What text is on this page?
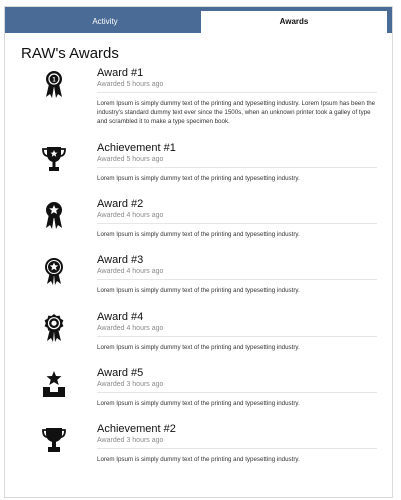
Activity	Awards
RAW's Awards
1
Award #1
Awarded 5 hours ago
Lorem Ipsum is simply dummy text of the printing and typesetting industry. Lorem Ipsum has been the industry's standard dummy text ever since the 1500s, when an unknown printer took a galley of type and scrambled it to make a type specimen book.
Achievement #1
Awarded 5 hours ago
Lorem Ipsum is simply dummy text of the printing and typesetting industry.
Award #2
Awarded 4 hours ago
Lorem Ipsum is simply dummy text of the printing and typesetting industry.
Award #3
Awarded 4 hours ago
Lorem Ipsum is simply dummy text of the printing and typesetting industry.
Award #4
Awarded 4 hours ago
Lorem Ipsum is simply dummy text of the printing and typesetting industry.
Award #5
Awarded 3 hours ago
Lorem Ipsum is simply dummy text of the printing and typesetting industry.
Achievement #2
Awarded 3 hours ago
Lorem Ipsum is simply dummy text of the printing and typesetting industry.
